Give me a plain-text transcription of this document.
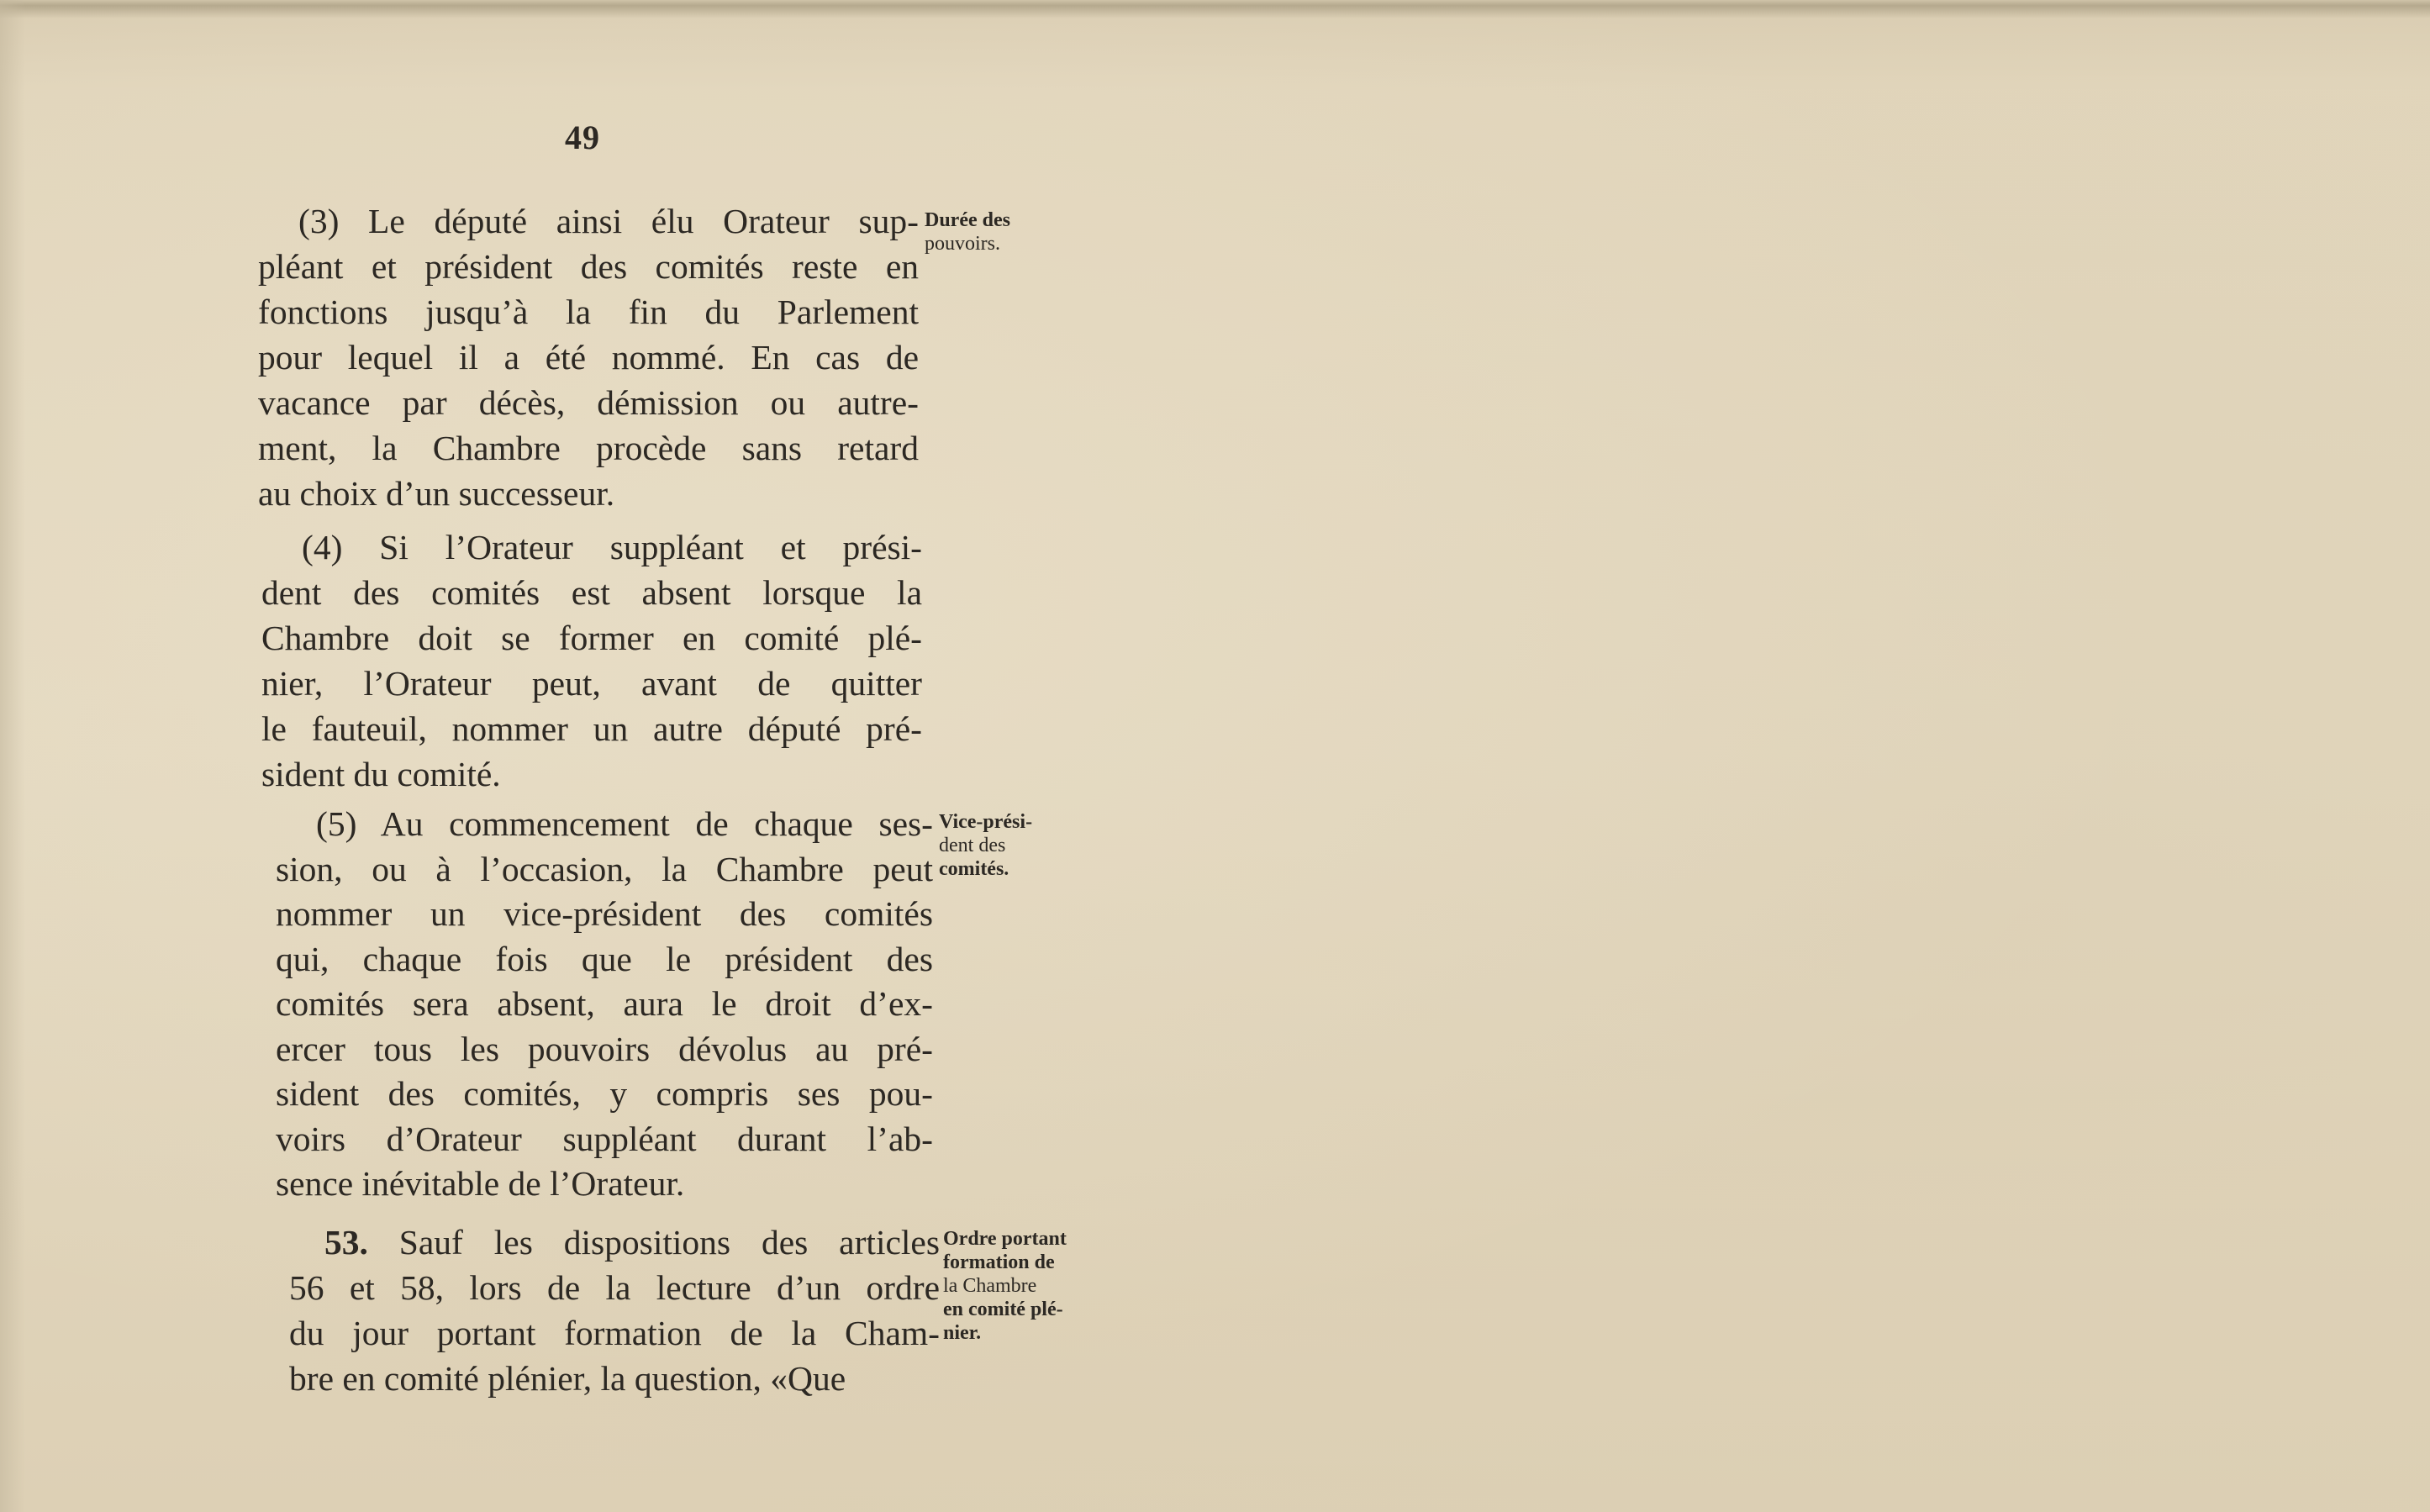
49
(3) Le député ainsi élu Orateur sup-
pléant et président des comités reste en
fonctions jusqu’à la fin du Parlement
pour lequel il a été nommé. En cas de
vacance par décès, démission ou autre-
ment, la Chambre procède sans retard
au choix d’un successeur.
Durée des
pouvoirs.
(4) Si l’Orateur suppléant et prési-
dent des comités est absent lorsque la
Chambre doit se former en comité plé-
nier, l’Orateur peut, avant de quitter
le fauteuil, nommer un autre député pré-
sident du comité.
(5) Au commencement de chaque ses-
sion, ou à l’occasion, la Chambre peut
nommer un vice-président des comités
qui, chaque fois que le président des
comités sera absent, aura le droit d’ex-
ercer tous les pouvoirs dévolus au pré-
sident des comités, y compris ses pou-
voirs d’Orateur suppléant durant l’ab-
sence inévitable de l’Orateur.
Vice-prési-
dent des
comités.
53. Sauf les dispositions des articles
56 et 58, lors de la lecture d’un ordre
du jour portant formation de la Cham-
bre en comité plénier, la question, «Que
Ordre portant
formation de
la Chambre
en comité plé-
nier.
